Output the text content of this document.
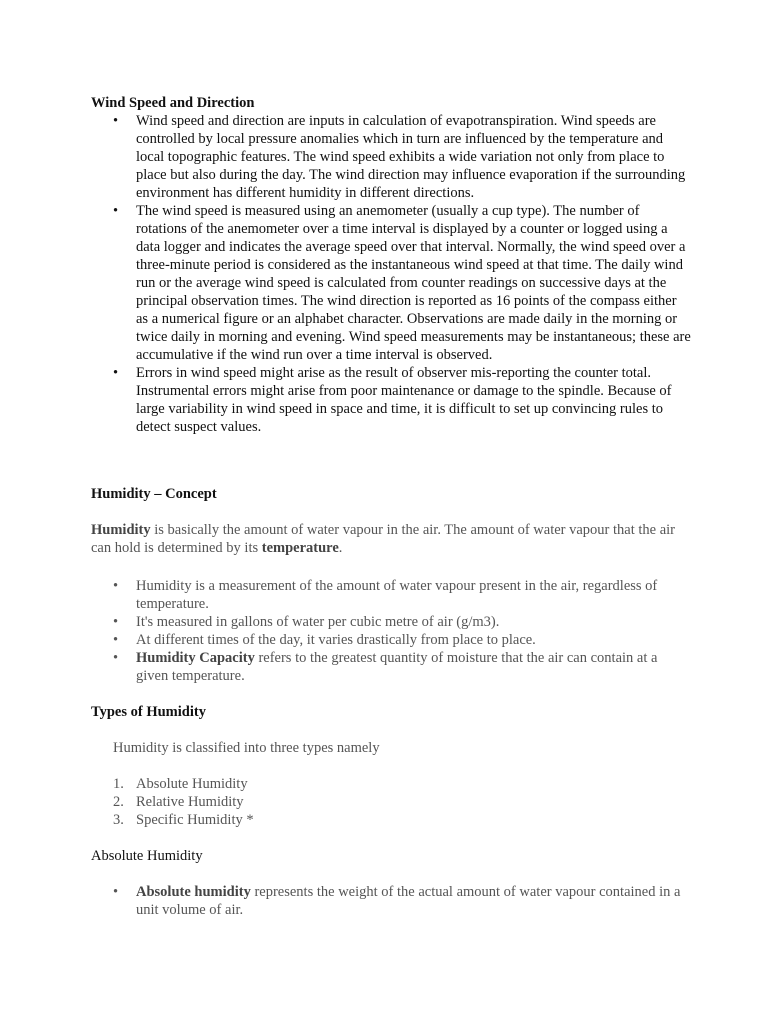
Wind Speed and Direction
• Wind speed and direction are inputs in calculation of evapotranspiration. Wind speeds are controlled by local pressure anomalies which in turn are influenced by the temperature and local topographic features. The wind speed exhibits a wide variation not only from place to place but also during the day. The wind direction may influence evaporation if the surrounding environment has different humidity in different directions.
• The wind speed is measured using an anemometer (usually a cup type). The number of rotations of the anemometer over a time interval is displayed by a counter or logged using a data logger and indicates the average speed over that interval. Normally, the wind speed over a three-minute period is considered as the instantaneous wind speed at that time. The daily wind run or the average wind speed is calculated from counter readings on successive days at the principal observation times. The wind direction is reported as 16 points of the compass either as a numerical figure or an alphabet character. Observations are made daily in the morning or twice daily in morning and evening. Wind speed measurements may be instantaneous; these are accumulative if the wind run over a time interval is observed.
• Errors in wind speed might arise as the result of observer mis-reporting the counter total. Instrumental errors might arise from poor maintenance or damage to the spindle. Because of large variability in wind speed in space and time, it is difficult to set up convincing rules to detect suspect values.
Humidity – Concept

Humidity is basically the amount of water vapour in the air. The amount of water vapour that the air can hold is determined by its temperature.

• Humidity is a measurement of the amount of water vapour present in the air, regardless of temperature.
• It's measured in gallons of water per cubic metre of air (g/m3).
• At different times of the day, it varies drastically from place to place.
• Humidity Capacity refers to the greatest quantity of moisture that the air can contain at a given temperature.
Types of Humidity

Humidity is classified into three types namely

1. Absolute Humidity
2. Relative Humidity
3. Specific Humidity *

Absolute Humidity

• Absolute humidity represents the weight of the actual amount of water vapour contained in a unit volume of air.
